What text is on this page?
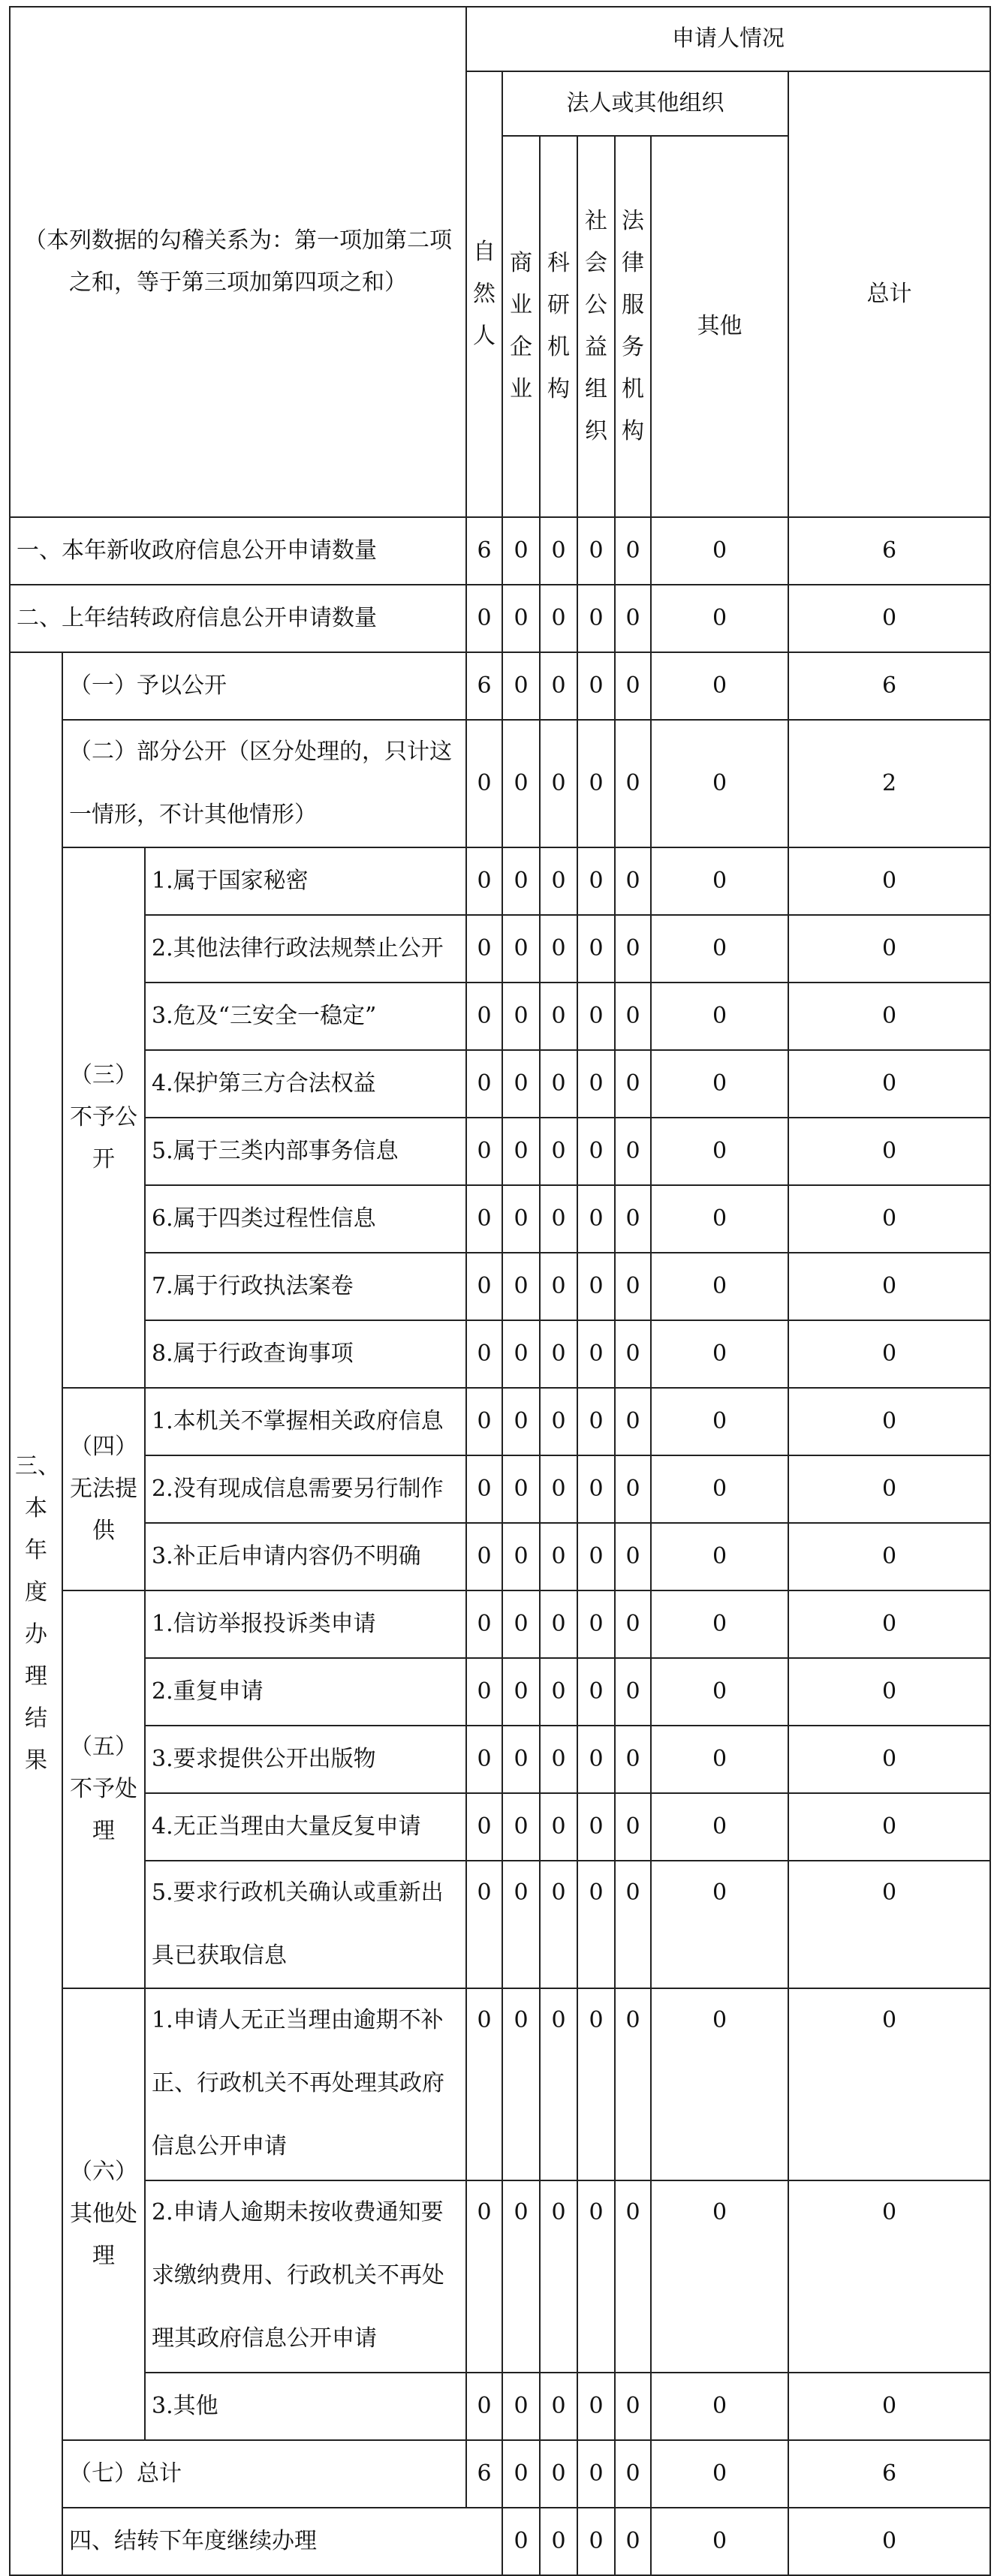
（本列数据的勾稽关系为：第一项加第二项之和，等于第三项加第四项之和）			申请人情况							
			自然人	法人或其他组织					总计	
				商业企业	科研机构	社会公益组织	法律服务机构	其他		
一、本年新收政府信息公开申请数量			6	0	0	0	0	0	6	
二、上年结转政府信息公开申请数量			0	0	0	0	0	0	0	
三、本年度办理结果	（一）予以公开		6	0	0	0	0	0	6	
	（二）部分公开（区分处理的，只计这一情形，不计其他情形）		0	0	0	0	0	0	2	
	（三）不予公开	1.属于国家秘密	0	0	0	0	0	0	0	
		2.其他法律行政法规禁止公开	0	0	0	0	0	0	0	
		3.危及“三安全一稳定”	0	0	0	0	0	0	0	
		4.保护第三方合法权益	0	0	0	0	0	0	0	
		5.属于三类内部事务信息	0	0	0	0	0	0	0	
		6.属于四类过程性信息	0	0	0	0	0	0	0	
		7.属于行政执法案卷	0	0	0	0	0	0	0	
		8.属于行政查询事项	0	0	0	0	0	0	0	
	（四）无法提供	1.本机关不掌握相关政府信息	0	0	0	0	0	0	0	
		2.没有现成信息需要另行制作	0	0	0	0	0	0	0	
		3.补正后申请内容仍不明确	0	0	0	0	0	0	0	
	（五）不予处理	1.信访举报投诉类申请	0	0	0	0	0	0	0	
		2.重复申请	0	0	0	0	0	0	0	
		3.要求提供公开出版物	0	0	0	0	0	0	0	
		4.无正当理由大量反复申请	0	0	0	0	0	0	0	
		5.要求行政机关确认或重新出具已获取信息	0	0	0	0	0	0	0	
	（六）其他处理	1.申请人无正当理由逾期不补正、行政机关不再处理其政府信息公开申请	0	0	0	0	0	0	0	
		2.申请人逾期未按收费通知要求缴纳费用、行政机关不再处理其政府信息公开申请	0	0	0	0	0	0	0	
		3.其他	0	0	0	0	0	0	0	
	（七）总计		6	0	0	0	0	0	6	
	四、结转下年度继续办理			0	0	0	0	0	0	
